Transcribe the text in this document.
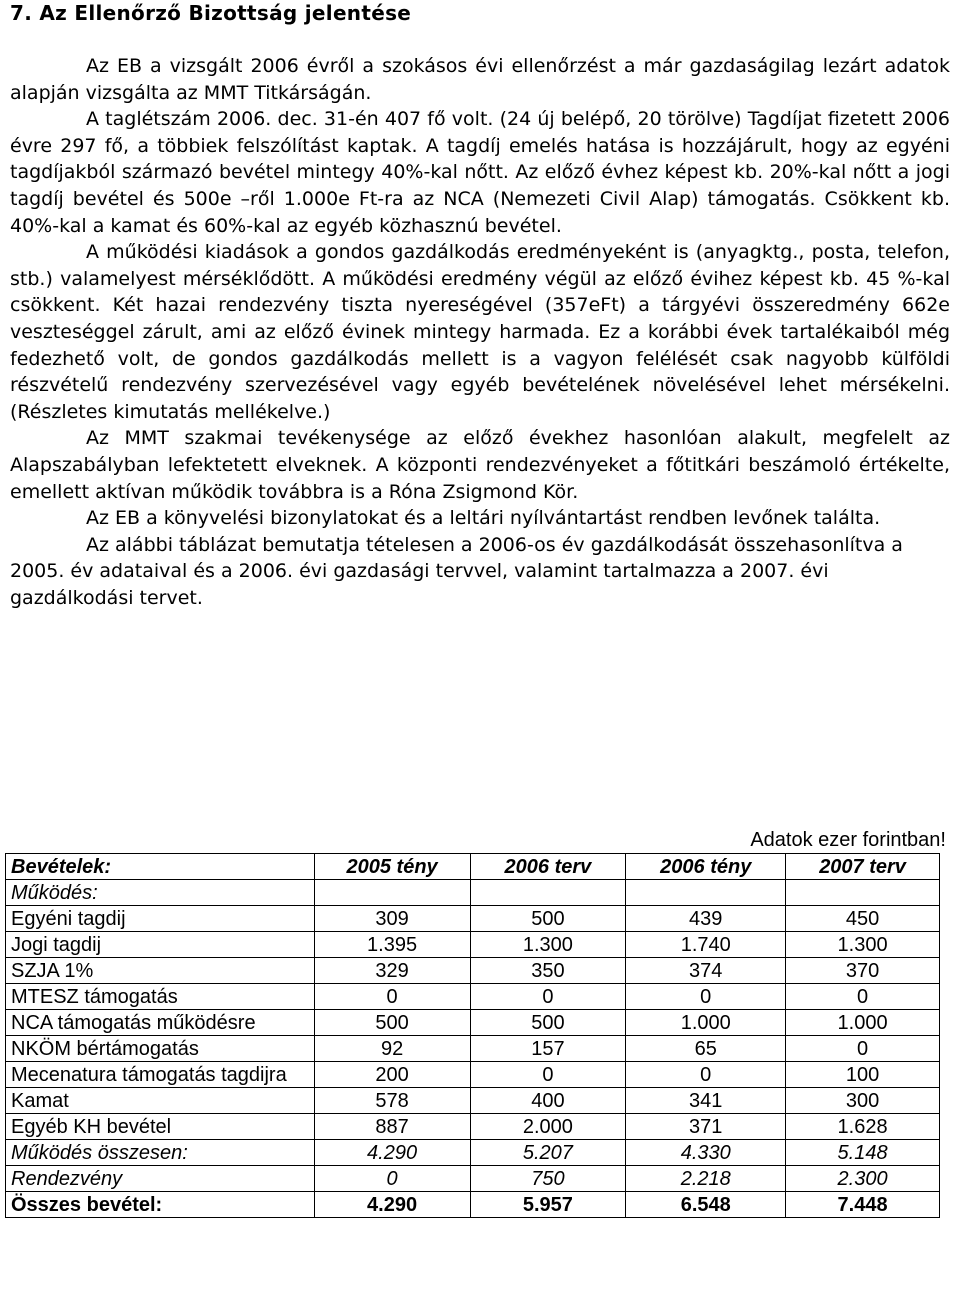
7. Az Ellenőrző Bizottság jelentése

Az EB a vizsgált 2006 évről a szokásos évi ellenőrzést a már gazdaságilag lezárt adatok alapján vizsgálta az MMT Titkárságán.

A taglétszám 2006. dec. 31-én 407 fő volt. (24 új belépő, 20 törölve) Tagdíjat fizetett 2006 évre 297 fő, a többiek felszólítást kaptak. A tagdíj emelés hatása is hozzájárult, hogy az egyéni tagdíjakból származó bevétel mintegy 40%-kal nőtt. Az előző évhez képest kb. 20%-kal nőtt a jogi tagdíj bevétel és 500e –ről 1.000e Ft-ra az NCA (Nemezeti Civil Alap) támogatás. Csökkent kb. 40%-kal a kamat és 60%-kal az egyéb közhasznú bevétel.

A működési kiadások a gondos gazdálkodás eredményeként is (anyagktg., posta, telefon, stb.) valamelyest mérséklődött. A működési eredmény végül az előző évihez képest kb. 45 %-kal csökkent. Két hazai rendezvény tiszta nyereségével (357eFt) a tárgyévi összeredmény 662e veszteséggel zárult, ami az előző évinek mintegy harmada. Ez a korábbi évek tartalékaiból még fedezhető volt, de gondos gazdálkodás mellett is a vagyon felélését csak nagyobb külföldi részvételű rendezvény szervezésével vagy egyéb bevételének növelésével lehet mérsékelni. (Részletes kimutatás mellékelve.)

Az MMT szakmai tevékenysége az előző évekhez hasonlóan alakult, megfelelt az Alapszabályban lefektetett elveknek. A központi rendezvényeket a főtitkári beszámoló értékelte, emellett aktívan működik továbbra is a Róna Zsigmond Kör.

Az EB a könyvelési bizonylatokat és a leltári nyílvántartást rendben levőnek találta.

Az alábbi táblázat bemutatja tételesen a 2006-os év gazdálkodását összehasonlítva a 2005. év adataival és a 2006. évi gazdasági tervvel, valamint tartalmazza a 2007. évi gazdálkodási tervet.

Adatok ezer forintban!
Bevételek:	2005 tény	2006 terv	2006 tény	2007 terv
Működés:				
Egyéni tagdij	309	500	439	450
Jogi tagdij	1.395	1.300	1.740	1.300
SZJA 1%	329	350	374	370
MTESZ támogatás	0	0	0	0
NCA támogatás működésre	500	500	1.000	1.000
NKÖM bértámogatás	92	157	65	0
Mecenatura támogatás tagdijra	200	0	0	100
Kamat	578	400	341	300
Egyéb KH bevétel	887	2.000	371	1.628
Működés összesen:	4.290	5.207	4.330	5.148
Rendezvény	0	750	2.218	2.300
Összes bevétel:	4.290	5.957	6.548	7.448
